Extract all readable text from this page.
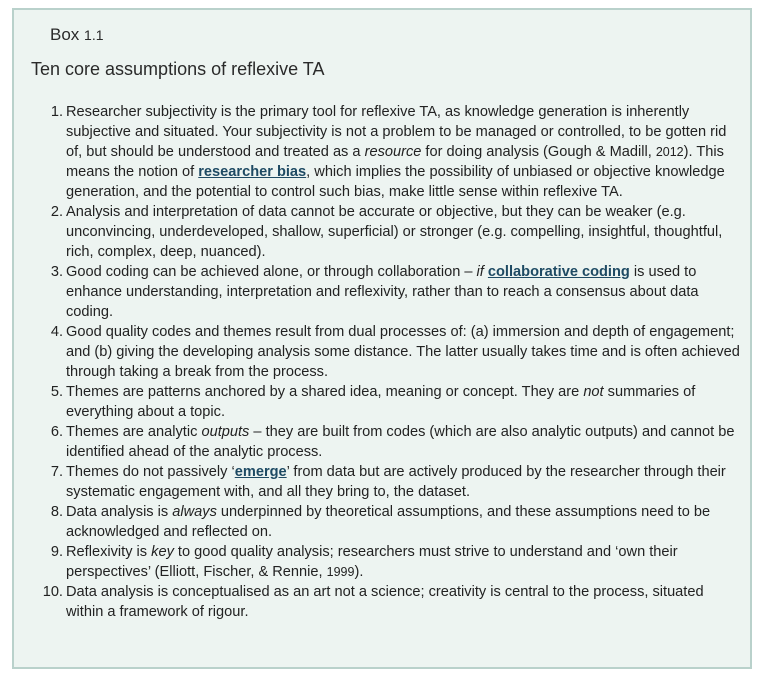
Box 1.1
Ten core assumptions of reflexive TA
1. Researcher subjectivity is the primary tool for reflexive TA, as knowledge generation is inherently subjective and situated. Your subjectivity is not a problem to be managed or controlled, to be gotten rid of, but should be understood and treated as a resource for doing analysis (Gough & Madill, 2012). This means the notion of researcher bias, which implies the possibility of unbiased or objective knowledge generation, and the potential to control such bias, make little sense within reflexive TA.
2. Analysis and interpretation of data cannot be accurate or objective, but they can be weaker (e.g. unconvincing, underdeveloped, shallow, superficial) or stronger (e.g. compelling, insightful, thoughtful, rich, complex, deep, nuanced).
3. Good coding can be achieved alone, or through collaboration – if collaborative coding is used to enhance understanding, interpretation and reflexivity, rather than to reach a consensus about data coding.
4. Good quality codes and themes result from dual processes of: (a) immersion and depth of engagement; and (b) giving the developing analysis some distance. The latter usually takes time and is often achieved through taking a break from the process.
5. Themes are patterns anchored by a shared idea, meaning or concept. They are not summaries of everything about a topic.
6. Themes are analytic outputs – they are built from codes (which are also analytic outputs) and cannot be identified ahead of the analytic process.
7. Themes do not passively ‘emerge’ from data but are actively produced by the researcher through their systematic engagement with, and all they bring to, the dataset.
8. Data analysis is always underpinned by theoretical assumptions, and these assumptions need to be acknowledged and reflected on.
9. Reflexivity is key to good quality analysis; researchers must strive to understand and ‘own their perspectives’ (Elliott, Fischer, & Rennie, 1999).
10. Data analysis is conceptualised as an art not a science; creativity is central to the process, situated within a framework of rigour.
